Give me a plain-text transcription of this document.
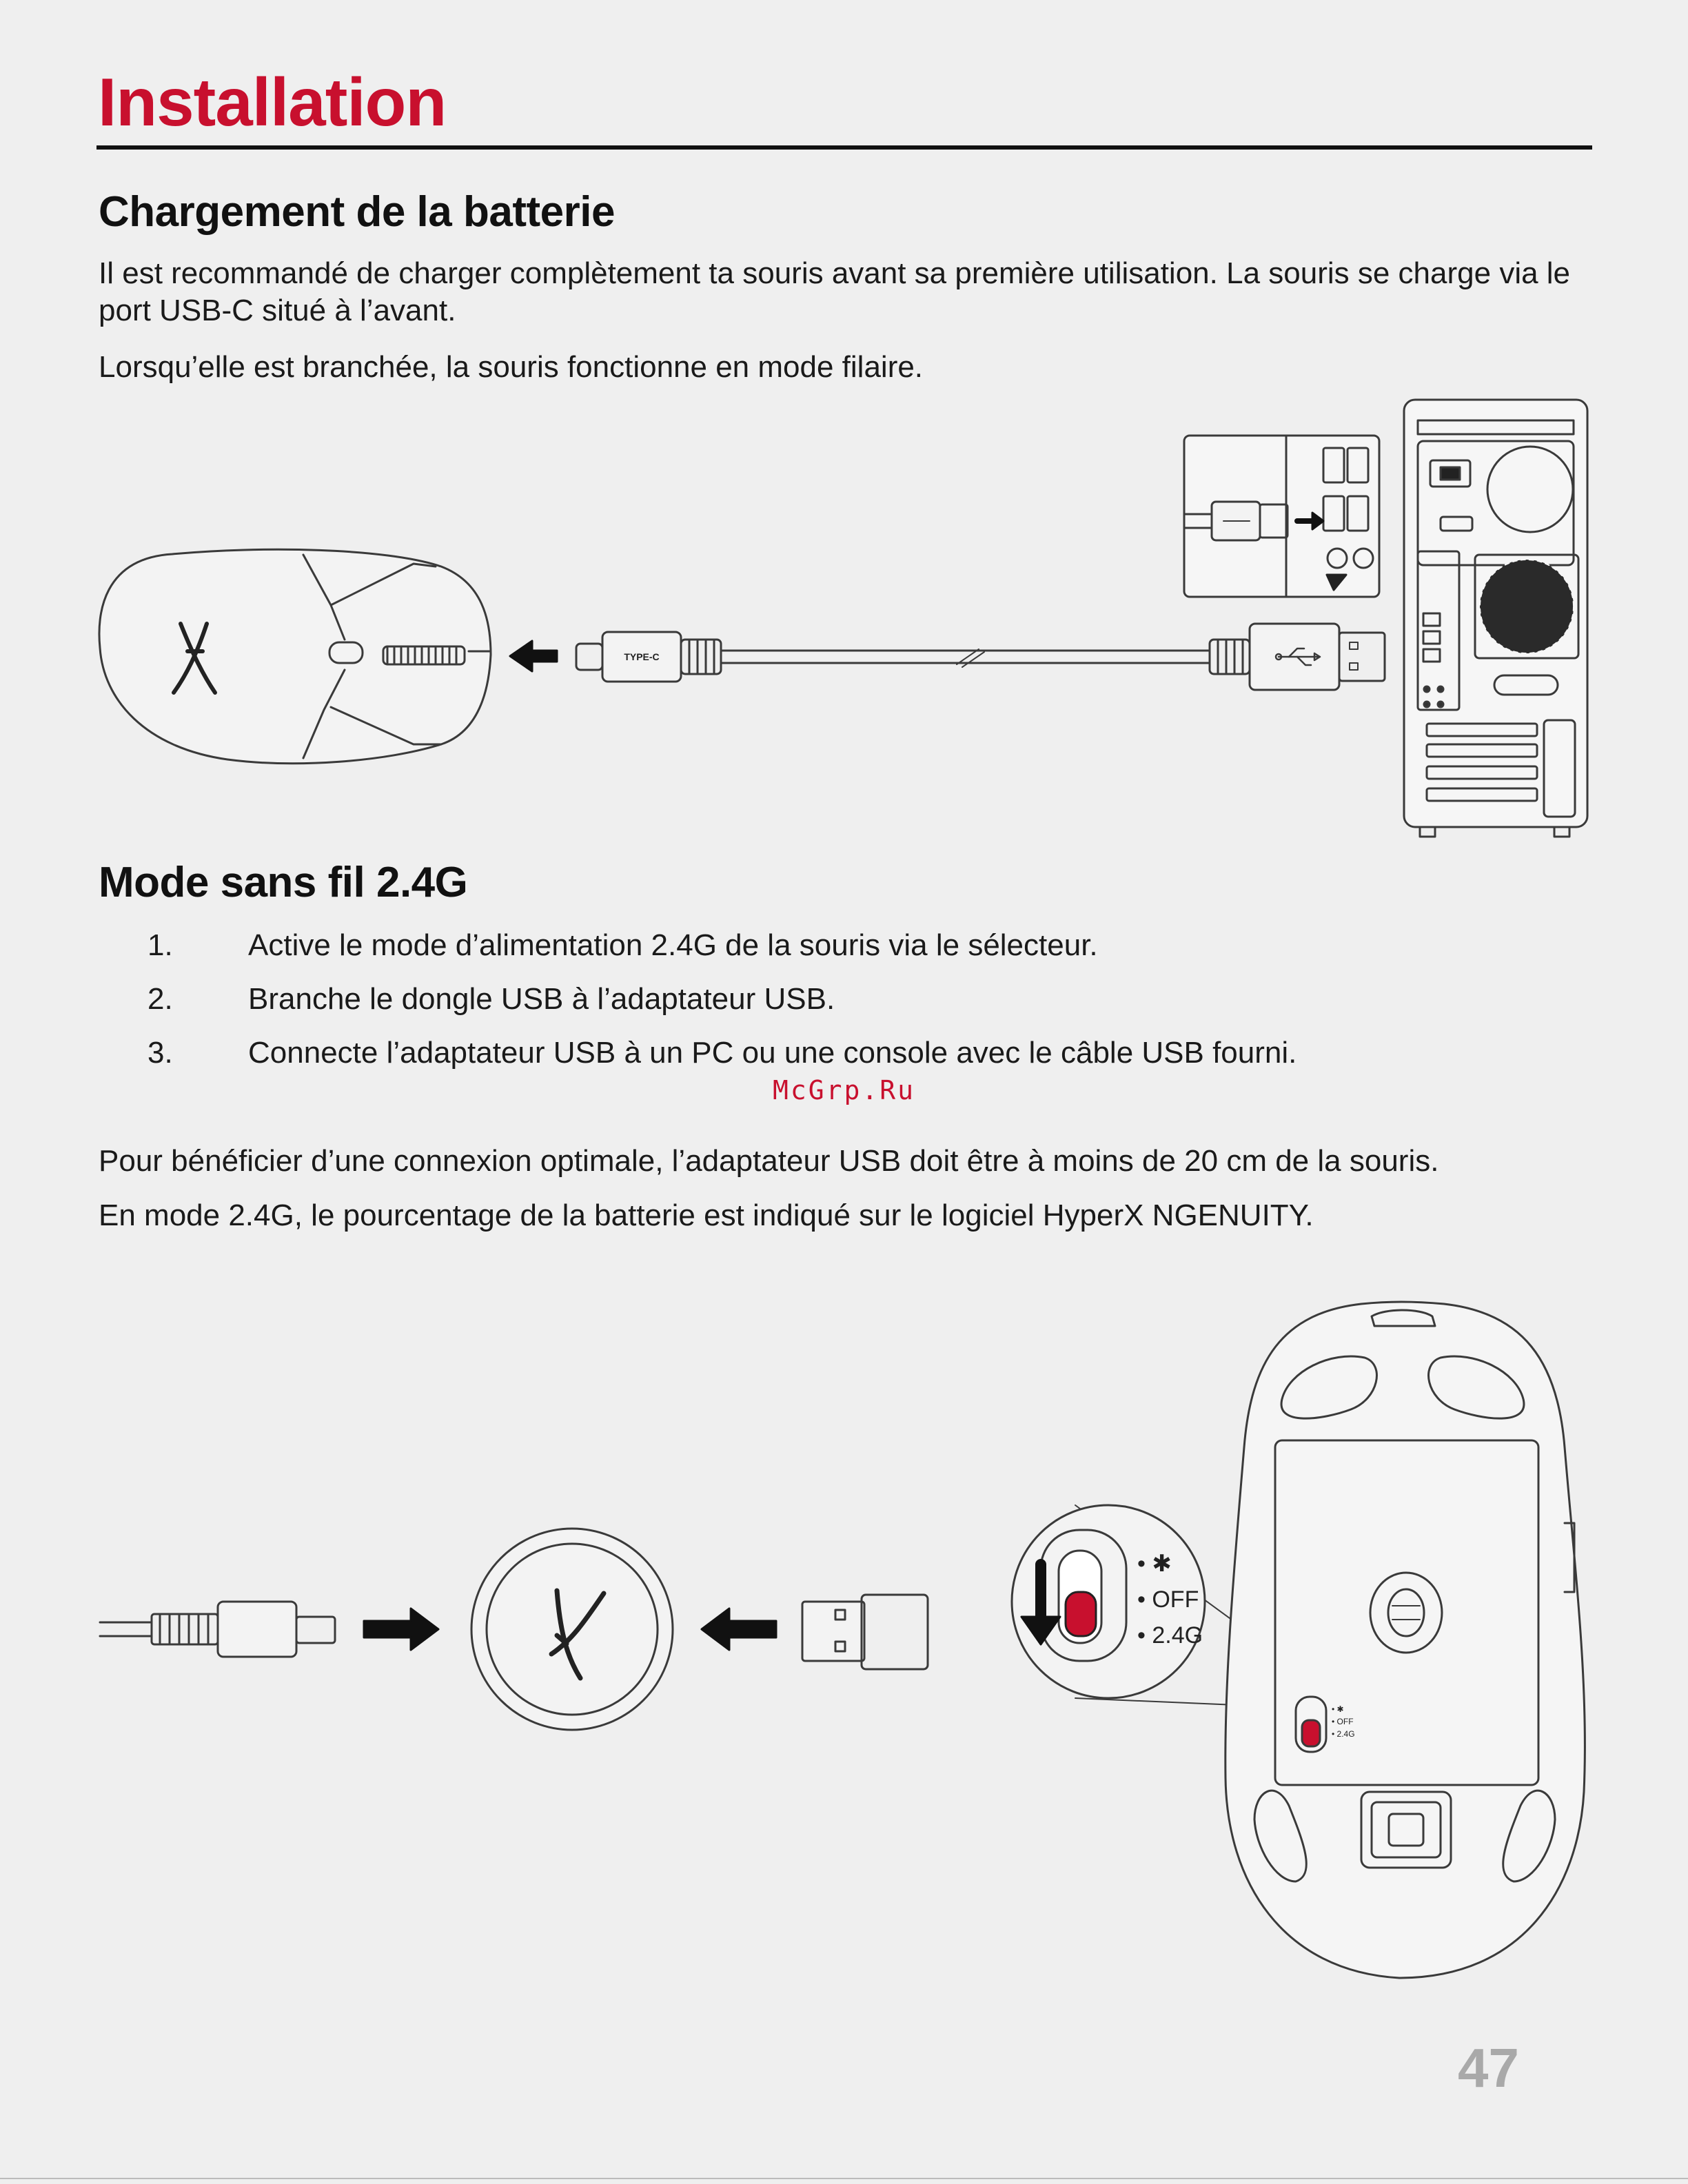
Installation
Chargement de la batterie

Il est recommandé de charger complètement ta souris avant sa première utilisation. La souris se charge via le port USB-C situé à l’avant.

Lorsqu’elle est branchée, la souris fonctionne en mode filaire.

TYPE-C
Mode sans fil 2.4G
1.	Active le mode d’alimentation 2.4G de la souris via le sélecteur.
2.	Branche le dongle USB à l’adaptateur USB.
3.	Connecte l’adaptateur USB à un PC ou une console avec le câble USB fourni.
McGrp.Ru

Pour bénéficier d’une connexion optimale, l’adaptateur USB doit être à moins de 20 cm de la souris.

En mode 2.4G, le pourcentage de la batterie est indiqué sur le logiciel HyperX NGENUITY.

• ✱
• OFF
• 2.4G
• ✱
• OFF
• 2.4G
47
